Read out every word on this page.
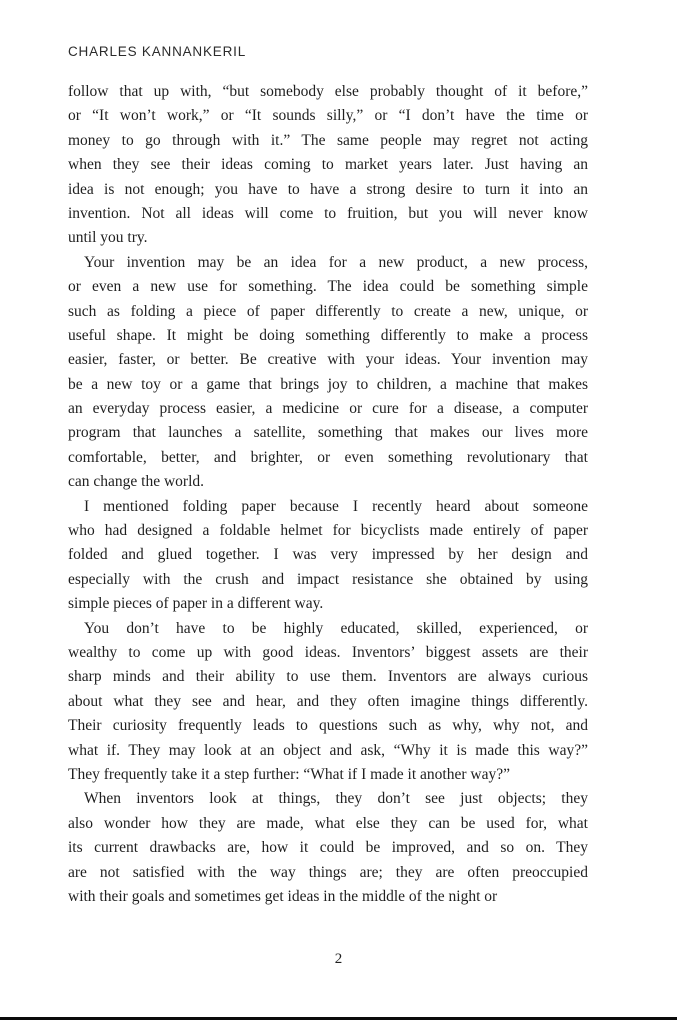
CHARLES KANNANKERIL
follow that up with, “but somebody else probably thought of it before,”
or “It won’t work,” or “It sounds silly,” or “I don’t have the time or
money to go through with it.” The same people may regret not acting
when they see their ideas coming to market years later. Just having an
idea is not enough; you have to have a strong desire to turn it into an
invention. Not all ideas will come to fruition, but you will never know
until you try.
Your invention may be an idea for a new product, a new process,
or even a new use for something. The idea could be something simple
such as folding a piece of paper differently to create a new, unique, or
useful shape. It might be doing something differently to make a process
easier, faster, or better. Be creative with your ideas. Your invention may
be a new toy or a game that brings joy to children, a machine that makes
an everyday process easier, a medicine or cure for a disease, a computer
program that launches a satellite, something that makes our lives more
comfortable, better, and brighter, or even something revolutionary that
can change the world.
I mentioned folding paper because I recently heard about someone
who had designed a foldable helmet for bicyclists made entirely of paper
folded and glued together. I was very impressed by her design and
especially with the crush and impact resistance she obtained by using
simple pieces of paper in a different way.
You don’t have to be highly educated, skilled, experienced, or
wealthy to come up with good ideas. Inventors’ biggest assets are their
sharp minds and their ability to use them. Inventors are always curious
about what they see and hear, and they often imagine things differently.
Their curiosity frequently leads to questions such as why, why not, and
what if. They may look at an object and ask, “Why it is made this way?”
They frequently take it a step further: “What if I made it another way?”
When inventors look at things, they don’t see just objects; they
also wonder how they are made, what else they can be used for, what
its current drawbacks are, how it could be improved, and so on. They
are not satisfied with the way things are; they are often preoccupied
with their goals and sometimes get ideas in the middle of the night or
2
